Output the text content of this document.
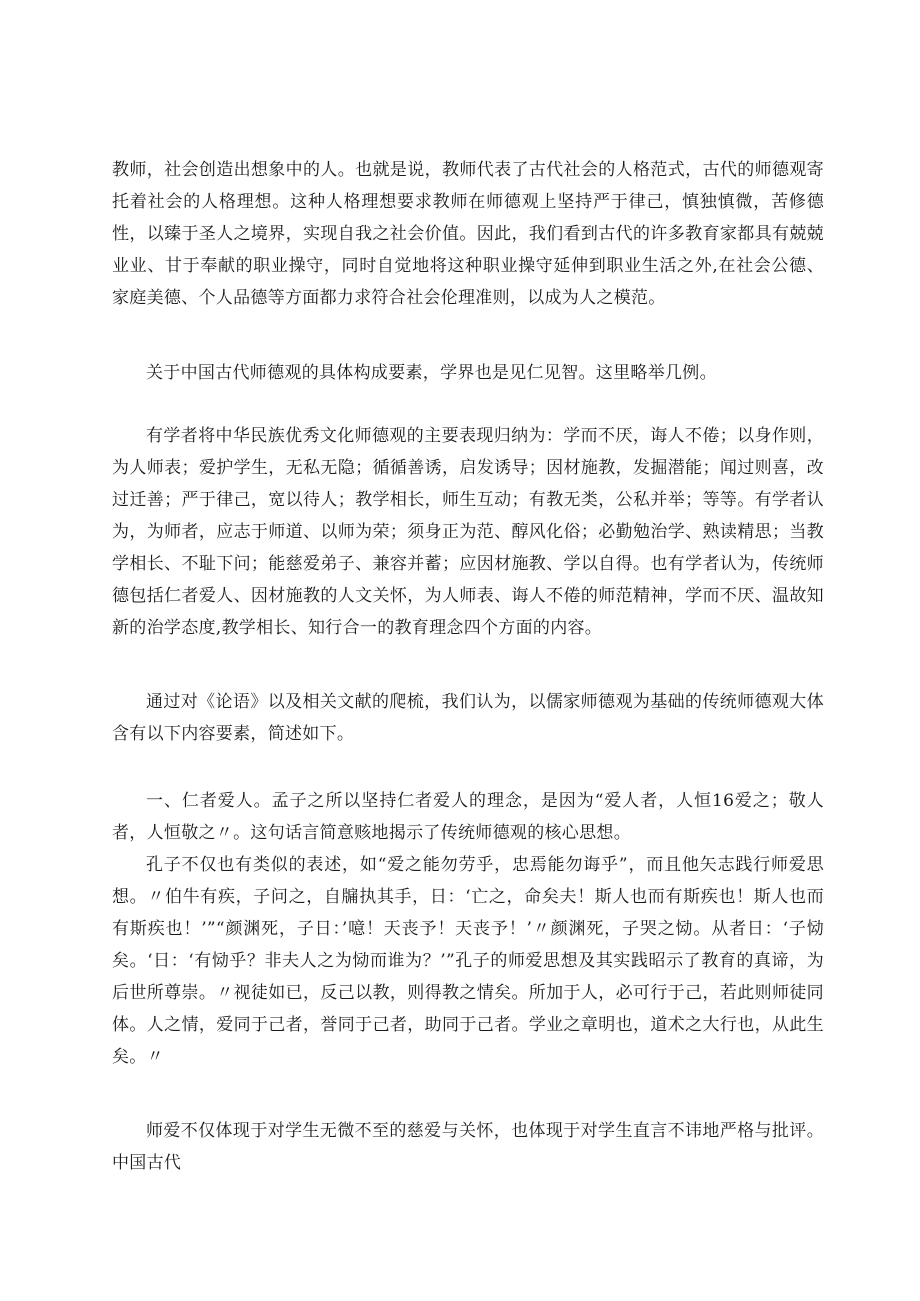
教师，社会创造出想象中的人。也就是说，教师代表了古代社会的人格范式，古代的师德观寄托着社会的人格理想。这种人格理想要求教师在师德观上坚持严于律己，慎独慎微，苦修德性，以臻于圣人之境界，实现自我之社会价值。因此，我们看到古代的许多教育家都具有兢兢业业、甘于奉献的职业操守，同时自觉地将这种职业操守延伸到职业生活之外,在社会公德、家庭美德、个人品德等方面都力求符合社会伦理准则，以成为人之模范。

关于中国古代师德观的具体构成要素，学界也是见仁见智。这里略举几例。

有学者将中华民族优秀文化师德观的主要表现归纳为：学而不厌，诲人不倦；以身作则，为人师表；爱护学生，无私无隐；循循善诱，启发诱导；因材施教，发掘潜能；闻过则喜，改过迁善；严于律己，宽以待人；教学相长，师生互动；有教无类，公私并举；等等。有学者认为，为师者，应志于师道、以师为荣；须身正为范、醇风化俗；必勤勉治学、熟读精思；当教学相长、不耻下问；能慈爱弟子、兼容并蓄；应因材施教、学以自得。也有学者认为，传统师德包括仁者爱人、因材施教的人文关怀，为人师表、诲人不倦的师范精神，学而不厌、温故知新的治学态度,教学相长、知行合一的教育理念四个方面的内容。

通过对《论语》以及相关文献的爬梳，我们认为，以儒家师德观为基础的传统师德观大体含有以下内容要素，简述如下。

一、仁者爱人。孟子之所以坚持仁者爱人的理念，是因为“爱人者，人恒16爱之；敬人者，人恒敬之〃。这句话言简意赅地揭示了传统师德观的核心思想。

孔子不仅也有类似的表述，如“爱之能勿劳乎，忠焉能勿诲乎”，而且他矢志践行师爱思想。〃伯牛有疾，子问之，自牖执其手，日：‘亡之，命矣夫！斯人也而有斯疾也！斯人也而有斯疾也！’”“颜渊死，子日：’噫！天丧予！天丧予！’〃颜渊死，子哭之恸。从者日：‘子恸矣。‘日：‘有恸乎？非夫人之为恸而谁为？’”孔子的师爱思想及其实践昭示了教育的真谛，为后世所尊崇。〃视徒如已，反己以教，则得教之情矣。所加于人，必可行于己，若此则师徒同体。人之情，爱同于己者，誉同于己者，助同于己者。学业之章明也，道术之大行也，从此生矣。〃

师爱不仅体现于对学生无微不至的慈爱与关怀，也体现于对学生直言不讳地严格与批评。中国古代
